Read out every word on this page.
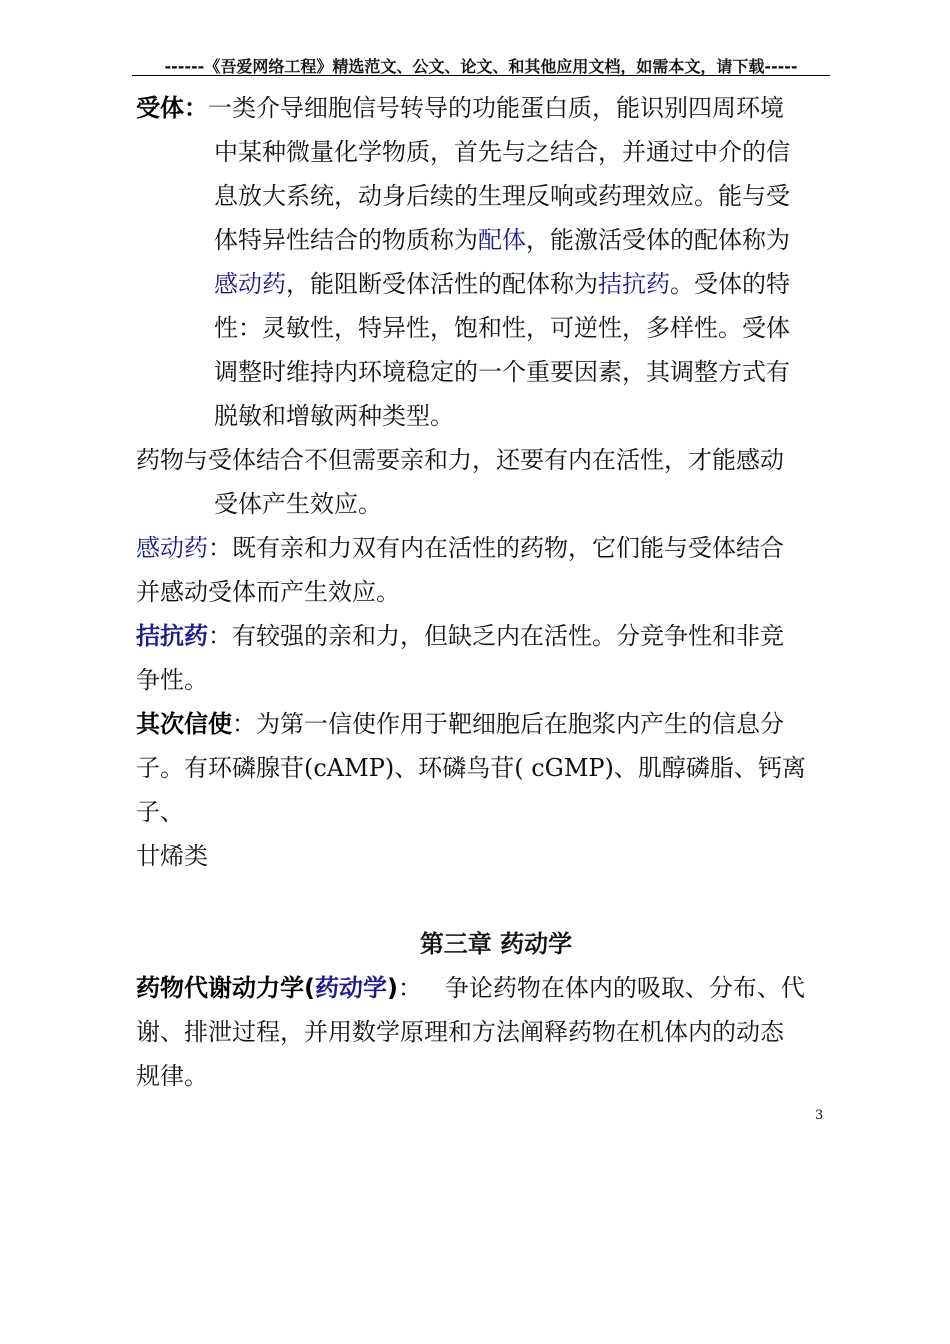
------《吾爱网络工程》精选范文、公文、论文、和其他应用文档，如需本文，请下载-----

受体：一类介导细胞信号转导的功能蛋白质，能识别四周环境

中某种微量化学物质，首先与之结合，并通过中介的信

息放大系统，动身后续的生理反响或药理效应。能与受

体特异性结合的物质称为配体，能激活受体的配体称为

感动药，能阻断受体活性的配体称为拮抗药。受体的特

性：灵敏性，特异性，饱和性，可逆性，多样性。受体

调整时维持内环境稳定的一个重要因素，其调整方式有

脱敏和增敏两种类型。

药物与受体结合不但需要亲和力，还要有内在活性，才能感动

受体产生效应。

感动药：既有亲和力双有内在活性的药物，它们能与受体结合

并感动受体而产生效应。

拮抗药：有较强的亲和力，但缺乏内在活性。分竞争性和非竞

争性。

其次信使：为第一信使作用于靶细胞后在胞浆内产生的信息分

子。有环磷腺苷(cAMP)、环磷鸟苷( cGMP)、肌醇磷脂、钙离子、

廿烯类

第三章 药动学

药物代谢动力学(药动学)：   争论药物在体内的吸取、分布、代

谢、排泄过程，并用数学原理和方法阐释药物在机体内的动态

规律。

3
